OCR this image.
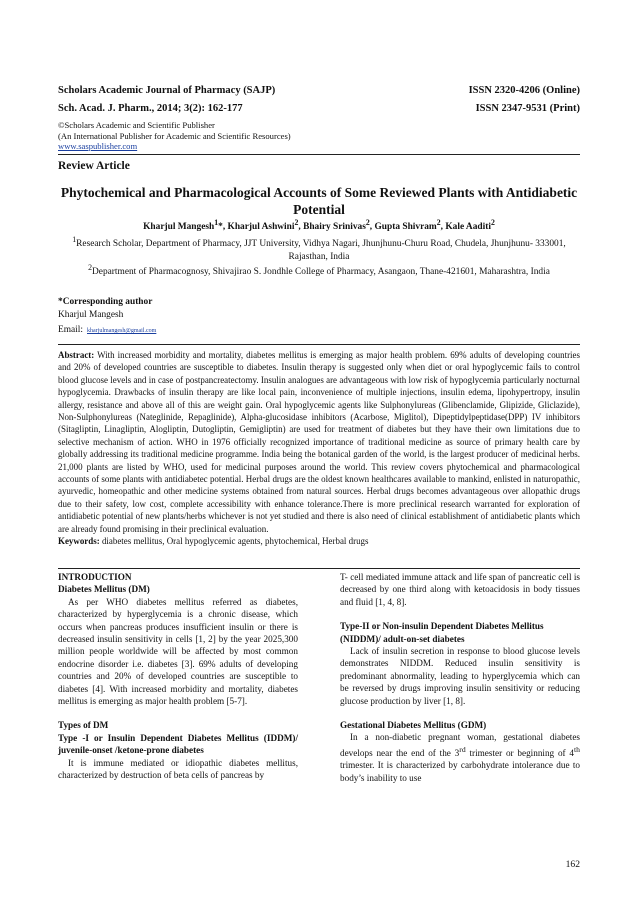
Scholars Academic Journal of Pharmacy (SAJP)	ISSN 2320-4206 (Online)
Sch. Acad. J. Pharm., 2014; 3(2): 162-177	ISSN 2347-9531 (Print)
©Scholars Academic and Scientific Publisher
(An International Publisher for Academic and Scientific Resources)
www.saspublisher.com
Review Article
Phytochemical and Pharmacological Accounts of Some Reviewed Plants with Antidiabetic Potential
Kharjul Mangesh$^1$*, Kharjul Ashwini$^2$, Bhairy Srinivas$^2$, Gupta Shivram$^2$, Kale Aaditi$^2$
$^1$Research Scholar, Department of Pharmacy, JJT University, Vidhya Nagari, Jhunjhunu-Churu Road, Chudela, Jhunjhunu- 333001, Rajasthan, India
$^2$Department of Pharmacognosy, Shivajirao S. Jondhle College of Pharmacy, Asangaon, Thane-421601, Maharashtra, India
*Corresponding author
Kharjul Mangesh
Email: kharjulmangesh@gmail.com
Abstract: With increased morbidity and mortality, diabetes mellitus is emerging as major health problem. 69% adults of developing countries and 20% of developed countries are susceptible to diabetes. Insulin therapy is suggested only when diet or oral hypoglycemic fails to control blood glucose levels and in case of postpancreatectomy. Insulin analogues are advantageous with low risk of hypoglycemia particularly nocturnal hypoglycemia. Drawbacks of insulin therapy are like local pain, inconvenience of multiple injections, insulin edema, lipohypertropy, insulin allergy, resistance and above all of this are weight gain. Oral hypoglycemic agents like Sulphonylureas (Glibenclamide, Glipizide, Gliclazide), Non-Sulphonylureas (Nateglinide, Repaglinide), Alpha-glucosidase inhibitors (Acarbose, Miglitol), Dipeptidylpeptidase(DPP) IV inhibitors (Sitagliptin, Linagliptin, Alogliptin, Dutogliptin, Gemigliptin) are used for treatment of diabetes but they have their own limitations due to selective mechanism of action. WHO in 1976 officially recognized importance of traditional medicine as source of primary health care by globally addressing its traditional medicine programme. India being the botanical garden of the world, is the largest producer of medicinal herbs. 21,000 plants are listed by WHO, used for medicinal purposes around the world. This review covers phytochemical and pharmacological accounts of some plants with antidiabetec potential. Herbal drugs are the oldest known healthcares available to mankind, enlisted in naturopathic, ayurvedic, homeopathic and other medicine systems obtained from natural sources. Herbal drugs becomes advantageous over allopathic drugs due to their safety, low cost, complete accessibility with enhance tolerance.There is more preclinical research warranted for exploration of antidiabetic potential of new plants/herbs whichever is not yet studied and there is also need of clinical establishment of antidiabetic plants which are already found promising in their preclinical evaluation.
Keywords: diabetes mellitus, Oral hypoglycemic agents, phytochemical, Herbal drugs
INTRODUCTION
Diabetes Mellitus (DM)

As per WHO diabetes mellitus referred as diabetes, characterized by hyperglycemia is a chronic disease, which occurs when pancreas produces insufficient insulin or there is decreased insulin sensitivity in cells [1, 2] by the year 2025,300 million people worldwide will be affected by most common endocrine disorder i.e. diabetes [3]. 69% adults of developing countries and 20% of developed countries are susceptible to diabetes [4]. With increased morbidity and mortality, diabetes mellitus is emerging as major health problem [5-7].

Types of DM
Type -I or Insulin Dependent Diabetes Mellitus (IDDM)/ juvenile-onset /ketone-prone diabetes

It is immune mediated or idiopathic diabetes mellitus, characterized by destruction of beta cells of pancreas by

T- cell mediated immune attack and life span of pancreatic cell is decreased by one third along with ketoacidosis in body tissues and fluid [1, 4, 8].

Type-II or Non-insulin Dependent Diabetes Mellitus (NIDDM)/ adult-on-set diabetes

Lack of insulin secretion in response to blood glucose levels demonstrates NIDDM. Reduced insulin sensitivity is predominant abnormality, leading to hyperglycemia which can be reversed by drugs improving insulin sensitivity or reducing glucose production by liver [1, 8].

Gestational Diabetes Mellitus (GDM)

In a non-diabetic pregnant woman, gestational diabetes develops near the end of the 3rd trimester or beginning of 4th trimester. It is characterized by carbohydrate intolerance due to body’s inability to use

162
